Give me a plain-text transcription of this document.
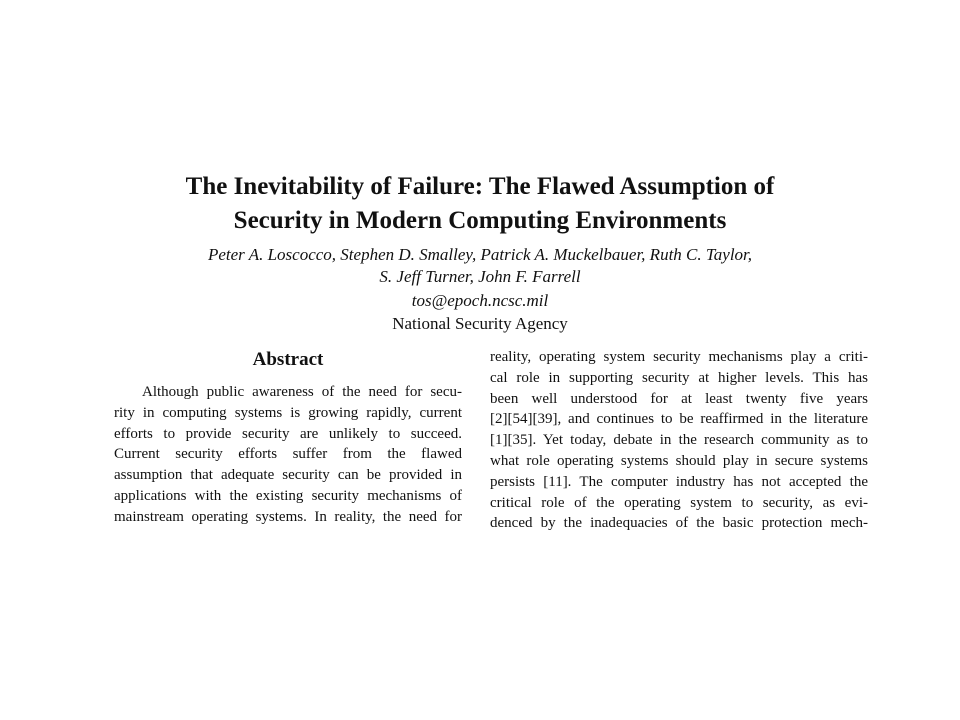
The Inevitability of Failure: The Flawed Assumption of
Security in Modern Computing Environments
Peter A. Loscocco, Stephen D. Smalley, Patrick A. Muckelbauer, Ruth C. Taylor,
S. Jeff Turner, John F. Farrell
tos@epoch.ncsc.mil
National Security Agency
Abstract
Although public awareness of the need for secu-
rity in computing systems is growing rapidly, current
efforts to provide security are unlikely to succeed.
Current security efforts suffer from the flawed
assumption that adequate security can be provided in
applications with the existing security mechanisms of
mainstream operating systems. In reality, the need for
reality, operating system security mechanisms play a criti-
cal role in supporting security at higher levels. This has
been well understood for at least twenty five years
[2][54][39], and continues to be reaffirmed in the literature
[1][35]. Yet today, debate in the research community as to
what role operating systems should play in secure systems
persists [11]. The computer industry has not accepted the
critical role of the operating system to security, as evi-
denced by the inadequacies of the basic protection mech-
